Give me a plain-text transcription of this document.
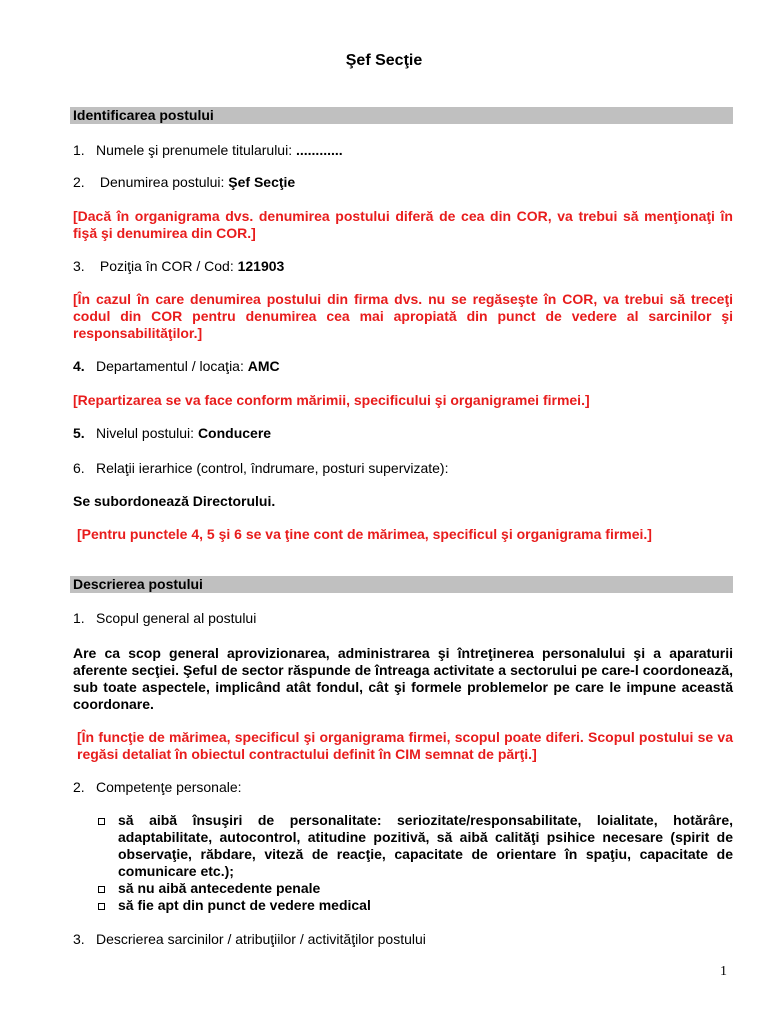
Şef Secţie
Identificarea postului
1. Numele şi prenumele titularului: ............
2. Denumirea postului: Şef Secţie
[Dacă în organigrama dvs. denumirea postului diferă de cea din COR, va trebui să menţionaţi în fişă şi denumirea din COR.]
3. Poziţia în COR / Cod: 121903
[În cazul în care denumirea postului din firma dvs. nu se regăseşte în COR, va trebui să treceţi codul din COR pentru denumirea cea mai apropiată din punct de vedere al sarcinilor şi responsabilităţilor.]
4. Departamentul / locaţia: AMC
[Repartizarea se va face conform mărimii, specificului şi organigramei firmei.]
5. Nivelul postului: Conducere
6. Relaţii ierarhice (control, îndrumare, posturi supervizate):
Se subordonează Directorului.
[Pentru punctele 4, 5 şi 6 se va ţine cont de mărimea, specificul şi organigrama firmei.]
Descrierea postului
1. Scopul general al postului
Are ca scop general aprovizionarea, administrarea şi întreţinerea personalului şi a aparaturii aferente secţiei. Şeful de sector răspunde de întreaga activitate a sectorului pe care-l coordonează, sub toate aspectele, implicând atât fondul, cât şi formele problemelor pe care le impune această coordonare.
[În funcţie de mărimea, specificul şi organigrama firmei, scopul poate diferi. Scopul postului se va regăsi detaliat în obiectul contractului definit în CIM semnat de părţi.]
2. Competenţe personale:
să aibă însuşiri de personalitate: seriozitate/responsabilitate, loialitate, hotărâre, adaptabilitate, autocontrol, atitudine pozitivă, să aibă calităţi psihice necesare (spirit de observaţie, răbdare, viteză de reacţie, capacitate de orientare în spaţiu, capacitate de comunicare etc.);
să nu aibă antecedente penale
să fie apt din punct de vedere medical
3. Descrierea sarcinilor / atribuţiilor / activităţilor postului
1
